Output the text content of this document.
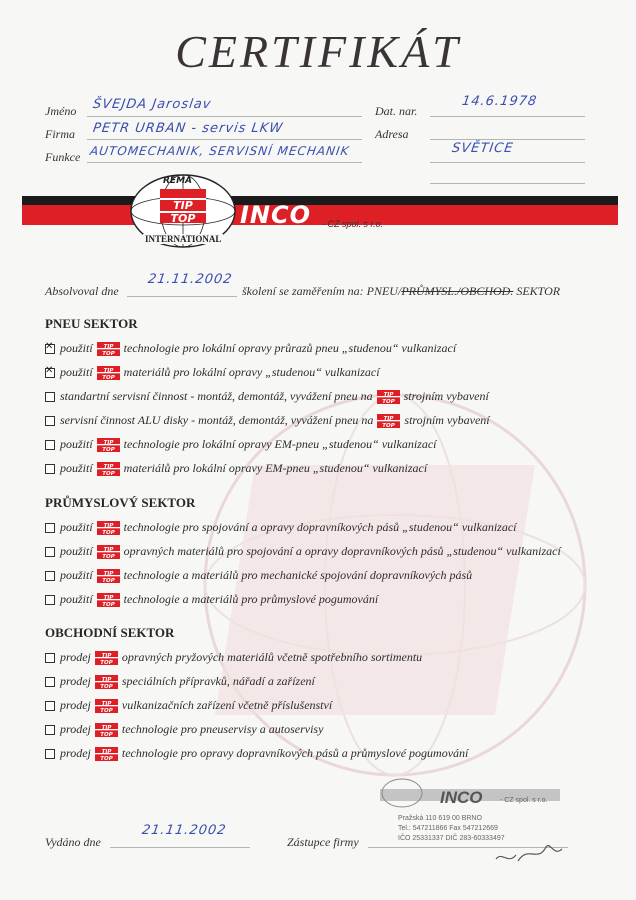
CERTIFIKÁT
Jméno ŠVEJDA Jaroslav
Firma PETR URBAN - servis LKW
Funkce AUTOMECHANIK, SERVISNÍ MECHANIK
Dat. nar.
14.6.1978
Adresa
SVĚTICE
TIP
TOP
REMA
INTERNATIONAL
INCO - CZ spol. s r.o.
Absolvoval dne
21.11.2002
školení se zaměřením na: PNEU/PRŮMYSL./OBCHOD. SEKTOR
PNEU SEKTOR
✕
použití TIP
TOP technologie pro lokální opravy průrazů pneu „studenou“ vulkanizací
✕
použití TIP
TOP materiálů pro lokální opravy „studenou“ vulkanizací
standartní servisní činnost - montáž, demontáž, vyvážení pneu na TIP
TOP strojním vybavení
servisní činnost ALU disky - montáž, demontáž, vyvážení pneu na TIP
TOP strojním vybavení
použití TIP
TOP technologie pro lokální opravy EM-pneu „studenou“ vulkanizací
použití TIP
TOP materiálů pro lokální opravy EM-pneu „studenou“ vulkanizací
PRŮMYSLOVÝ SEKTOR
použití TIP
TOP technologie pro spojování a opravy dopravníkových pásů „studenou“ vulkanizací
použití TIP
TOP opravných materiálů pro spojování a opravy dopravníkových pásů „studenou“ vulkanizací
použití TIP
TOP technologie a materiálů pro mechanické spojování dopravníkových pásů
použití TIP
TOP technologie a materiálů pro průmyslové pogumování
OBCHODNÍ SEKTOR
prodej TIP
TOP opravných pryžových materiálů včetně spotřebního sortimentu
prodej TIP
TOP speciálních přípravků, nářadí a zařízení
prodej TIP
TOP vulkanizačních zařízení včetně příslušenství
prodej TIP
TOP technologie pro pneuservisy a autoservisy
prodej TIP
TOP technologie pro opravy dopravníkových pásů a průmyslové pogumování
Vydáno dne
21.11.2002
Zástupce firmy
INCO	- CZ spol. s r.o.
Pražská 110 619 00 BRNO
Tel.: 547211866 Fax 547212669
IČO 25331337 DIČ 283-60333497
